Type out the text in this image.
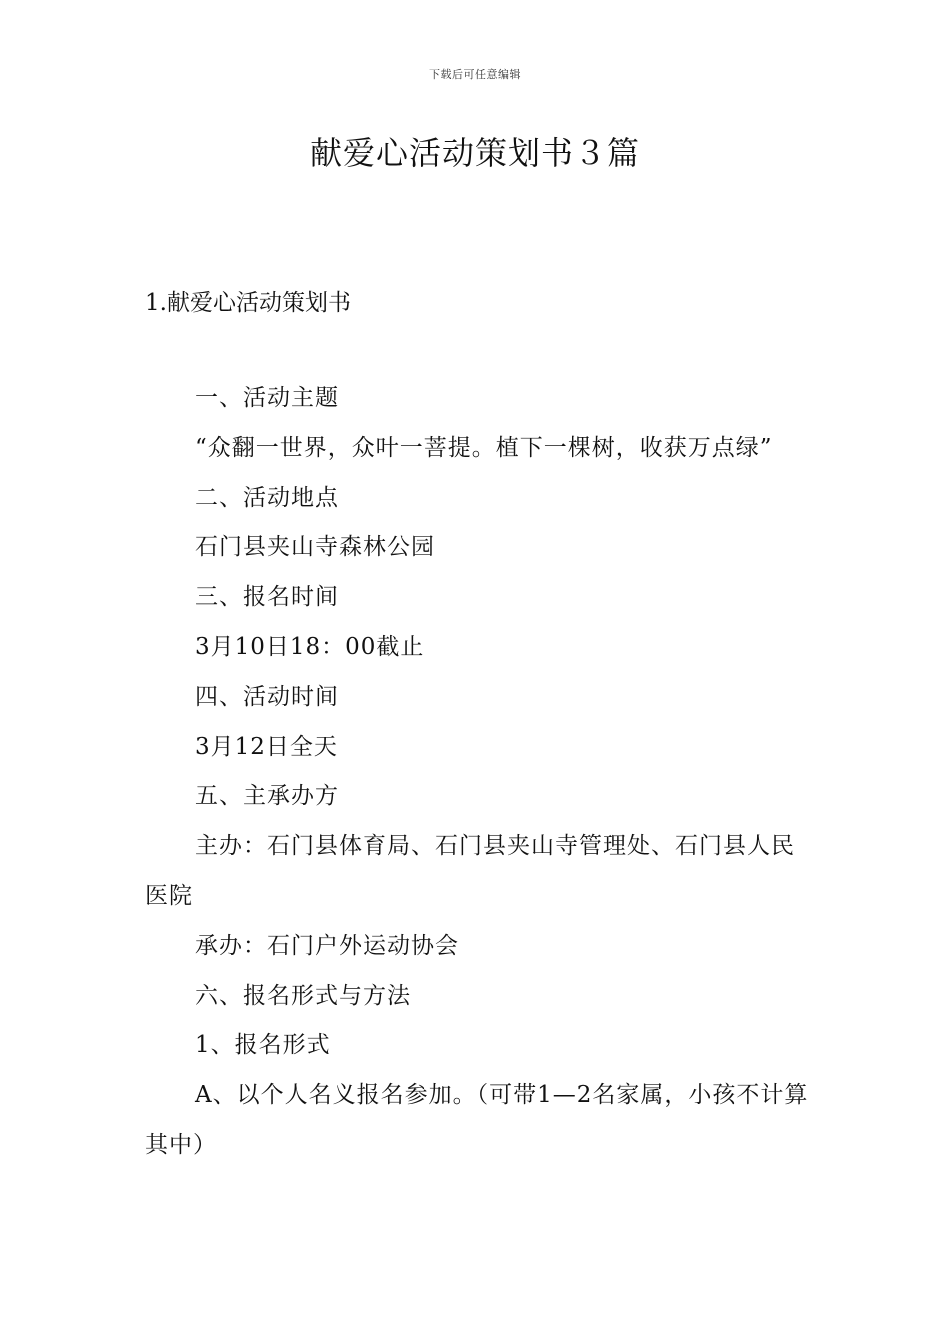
下载后可任意编辑
献爱心活动策划书３篇
1.献爱心活动策划书

一、活动主题

“众翻一世界，众叶一菩提。植下一棵树，收获万点绿”

二、活动地点

石门县夹山寺森林公园

三、报名时间

3月10日18：00截止

四、活动时间

3月12日全天

五、主承办方

主办：石门县体育局、石门县夹山寺管理处、石门县人民医院

承办：石门户外运动协会

六、报名形式与方法

1、报名形式

A、以个人名义报名参加。（可带1—2名家属，小孩不计算其中）
